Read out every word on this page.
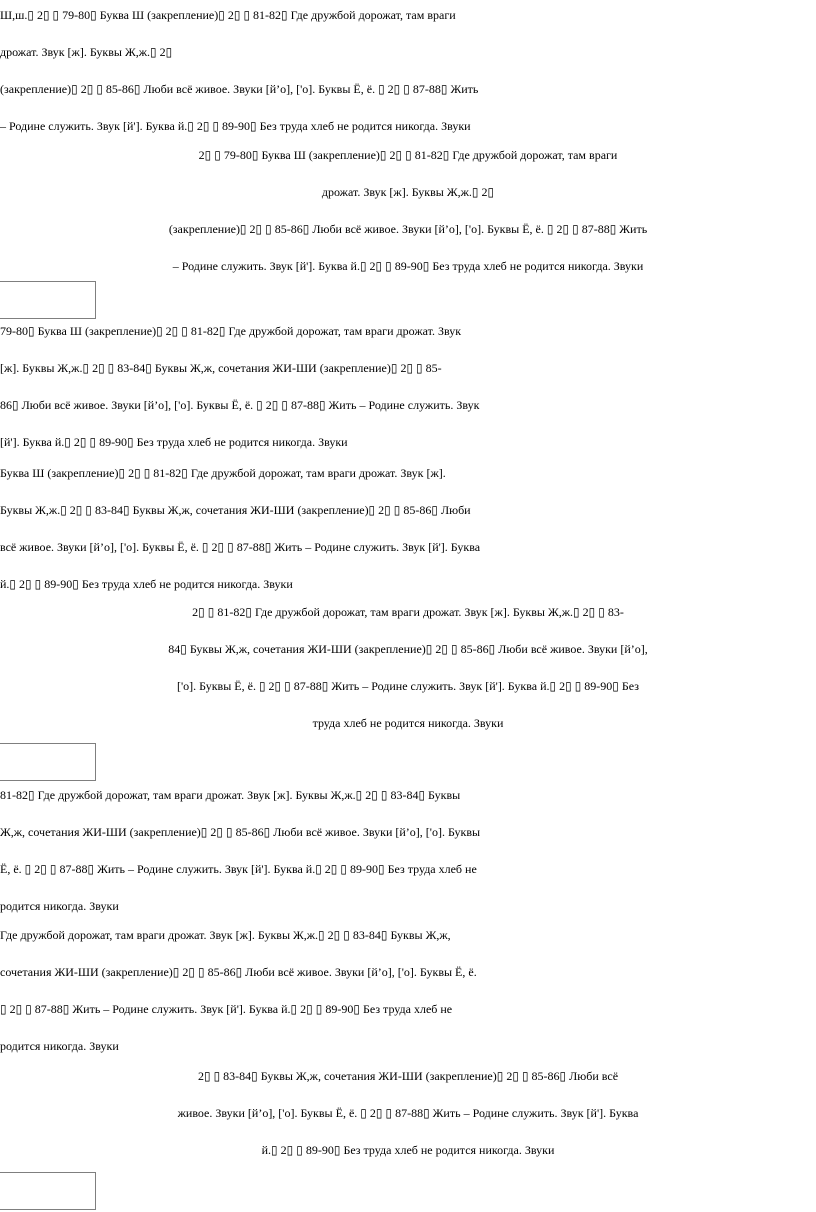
Ш,ш.▯ 2▯ ▯ 79-80▯ Буква Ш (закрепление)▯ 2▯ ▯ 81-82▯ Где дружбой дорожат, там враги
дрожат. Звук [ж]. Буквы Ж,ж.▯ 2▯
(закрепление)▯ 2▯ ▯ 85-86▯ Люби всё живое. Звуки [й’о], ['о]. Буквы Ё, ё. ▯ 2▯ ▯ 87-88▯ Жить
– Родине служить. Звук [й']. Буква й.▯ 2▯ ▯ 89-90▯ Без труда хлеб не родится никогда. Звуки
2▯ ▯ 79-80▯ Буква Ш (закрепление)▯ 2▯ ▯ 81-82▯ Где дружбой дорожат, там враги
дрожат. Звук [ж]. Буквы Ж,ж.▯ 2▯
(закрепление)▯ 2▯ ▯ 85-86▯ Люби всё живое. Звуки [й’о], ['о]. Буквы Ё, ё. ▯ 2▯ ▯ 87-88▯ Жить
– Родине служить. Звук [й']. Буква й.▯ 2▯ ▯ 89-90▯ Без труда хлеб не родится никогда. Звуки
79-80▯ Буква Ш (закрепление)▯ 2▯ ▯ 81-82▯ Где дружбой дорожат, там враги дрожат. Звук
[ж]. Буквы Ж,ж.▯ 2▯ ▯ 83-84▯ Буквы Ж,ж, сочетания ЖИ-ШИ (закрепление)▯ 2▯ ▯ 85-
86▯ Люби всё живое. Звуки [й’о], ['о]. Буквы Ё, ё. ▯ 2▯ ▯ 87-88▯ Жить – Родине служить. Звук
[й']. Буква й.▯ 2▯ ▯ 89-90▯ Без труда хлеб не родится никогда. Звуки
Буква Ш (закрепление)▯ 2▯ ▯ 81-82▯ Где дружбой дорожат, там враги дрожат. Звук [ж].
Буквы Ж,ж.▯ 2▯ ▯ 83-84▯ Буквы Ж,ж, сочетания ЖИ-ШИ (закрепление)▯ 2▯ ▯ 85-86▯ Люби
всё живое. Звуки [й’о], ['о]. Буквы Ё, ё. ▯ 2▯ ▯ 87-88▯ Жить – Родине служить. Звук [й']. Буква
й.▯ 2▯ ▯ 89-90▯ Без труда хлеб не родится никогда. Звуки
2▯ ▯ 81-82▯ Где дружбой дорожат, там враги дрожат. Звук [ж]. Буквы Ж,ж.▯ 2▯ ▯ 83-
84▯ Буквы Ж,ж, сочетания ЖИ-ШИ (закрепление)▯ 2▯ ▯ 85-86▯ Люби всё живое. Звуки [й’о],
['о]. Буквы Ё, ё. ▯ 2▯ ▯ 87-88▯ Жить – Родине служить. Звук [й']. Буква й.▯ 2▯ ▯ 89-90▯ Без
труда хлеб не родится никогда. Звуки
81-82▯ Где дружбой дорожат, там враги дрожат. Звук [ж]. Буквы Ж,ж.▯ 2▯ ▯ 83-84▯ Буквы
Ж,ж, сочетания ЖИ-ШИ (закрепление)▯ 2▯ ▯ 85-86▯ Люби всё живое. Звуки [й’о], ['о]. Буквы
Ё, ё. ▯ 2▯ ▯ 87-88▯ Жить – Родине служить. Звук [й']. Буква й.▯ 2▯ ▯ 89-90▯ Без труда хлеб не
родится никогда. Звуки
Где дружбой дорожат, там враги дрожат. Звук [ж]. Буквы Ж,ж.▯ 2▯ ▯ 83-84▯ Буквы Ж,ж,
сочетания ЖИ-ШИ (закрепление)▯ 2▯ ▯ 85-86▯ Люби всё живое. Звуки [й’о], ['о]. Буквы Ё, ё.
▯ 2▯ ▯ 87-88▯ Жить – Родине служить. Звук [й']. Буква й.▯ 2▯ ▯ 89-90▯ Без труда хлеб не
родится никогда. Звуки
2▯ ▯ 83-84▯ Буквы Ж,ж, сочетания ЖИ-ШИ (закрепление)▯ 2▯ ▯ 85-86▯ Люби всё
живое. Звуки [й’о], ['о]. Буквы Ё, ё. ▯ 2▯ ▯ 87-88▯ Жить – Родине служить. Звук [й']. Буква
й.▯ 2▯ ▯ 89-90▯ Без труда хлеб не родится никогда. Звуки
